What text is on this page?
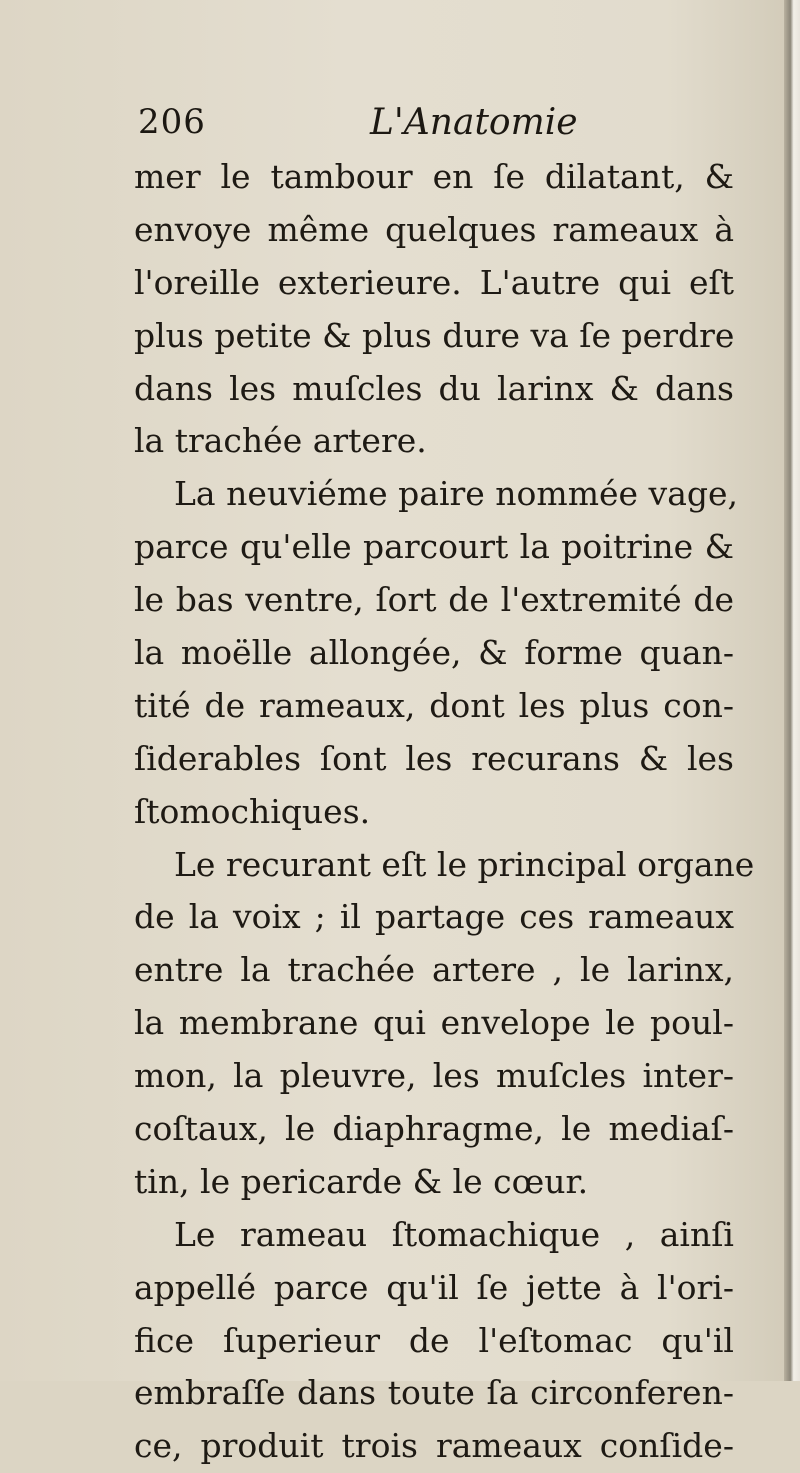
206	L'Anatomie
mer le tambour en ſe dilatant, &
envoye même quelques rameaux à
l'oreille exterieure. L'autre qui eſt
plus petite & plus dure va ſe perdre
dans les muſcles du larinx & dans
la trachée artere.
La neuviéme paire nommée vage,
parce qu'elle parcourt la poitrine &
le bas ventre, ſort de l'extremité de
la moëlle allongée, & forme quan-
tité de rameaux, dont les plus con-
ſiderables ſont les recurans & les
ſtomochiques.
Le recurant eſt le principal organe
de la voix ; il partage ces rameaux
entre la trachée artere , le larinx,
la membrane qui envelope le poul-
mon, la pleuvre, les muſcles inter-
coſtaux, le diaphragme, le mediaſ-
tin, le pericarde & le cœur.
Le rameau ſtomachique , ainſi
appellé parce qu'il ſe jette à l'ori-
fice ſuperieur de l'eſtomac qu'il
embraſſe dans toute ſa circonferen-
ce, produit trois rameaux conſide-
